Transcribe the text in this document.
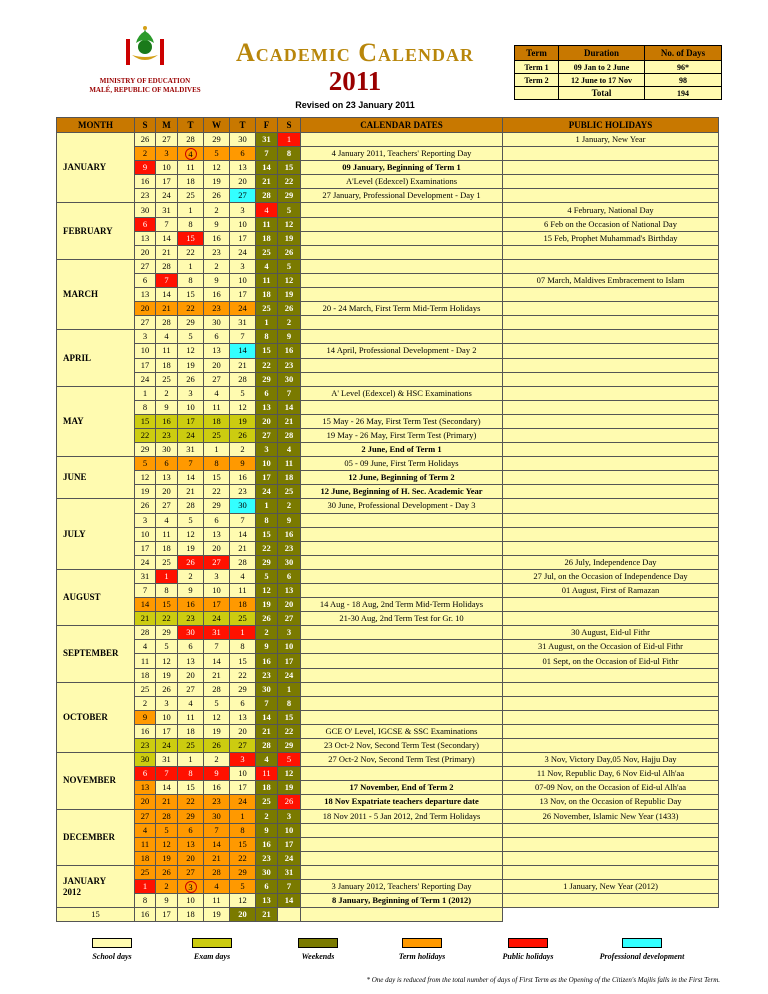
MINISTRY OF EDUCATION
MALÉ, REPUBLIC OF MALDIVES
Academic Calendar
2011
Revised on 23 January 2011
Term	Duration	No. of Days
Term 1	09 Jan to 2 June	96*
Term 2	12 June to 17 Nov	98
	Total	194
MONTH	S	M	T	W	T	F	S	CALENDAR DATES	PUBLIC HOLIDAYS
JANUARY	26	27	28	29	30	31	1		1 January, New Year
	2	3	4	5	6	7	8	4 January 2011, Teachers' Reporting Day	
	9	10	11	12	13	14	15	09 January, Beginning of Term 1	
	16	17	18	19	20	21	22	A'Level (Edexcel) Examinations	
	23	24	25	26	27	28	29	27 January, Professional Development - Day 1	
FEBRUARY	30	31	1	2	3	4	5		4 February, National Day
	6	7	8	9	10	11	12		6 Feb on the Occasion of National Day
	13	14	15	16	17	18	19		15 Feb, Prophet Muhammad's Birthday
	20	21	22	23	24	25	26		
MARCH	27	28	1	2	3	4	5		
	6	7	8	9	10	11	12		07 March, Maldives Embracement to Islam
	13	14	15	16	17	18	19		
	20	21	22	23	24	25	26	20 - 24 March, First Term Mid-Term Holidays	
	27	28	29	30	31	1	2		
APRIL	3	4	5	6	7	8	9		
	10	11	12	13	14	15	16	14 April, Professional Development - Day 2	
	17	18	19	20	21	22	23		
	24	25	26	27	28	29	30		
MAY	1	2	3	4	5	6	7	A' Level (Edexcel) & HSC Examinations	
	8	9	10	11	12	13	14		
	15	16	17	18	19	20	21	15 May - 26 May, First Term Test (Secondary)	
	22	23	24	25	26	27	28	19 May - 26 May, First Term Test (Primary)	
	29	30	31	1	2	3	4	2 June, End of Term 1	
JUNE	5	6	7	8	9	10	11	05 - 09 June, First Term Holidays	
	12	13	14	15	16	17	18	12 June, Beginning of Term 2	
	19	20	21	22	23	24	25	12 June, Beginning of H. Sec. Academic Year	
JULY	26	27	28	29	30	1	2	30 June, Professional Development - Day 3	
	3	4	5	6	7	8	9		
	10	11	12	13	14	15	16		
	17	18	19	20	21	22	23		
	24	25	26	27	28	29	30		26 July, Independence Day
AUGUST	31	1	2	3	4	5	6		27 Jul, on the Occasion of Independence Day
	7	8	9	10	11	12	13		01 August, First of Ramazan
	14	15	16	17	18	19	20	14 Aug - 18 Aug, 2nd Term Mid-Term Holidays	
	21	22	23	24	25	26	27	21-30 Aug, 2nd Term Test for Gr. 10	
SEPTEMBER	28	29	30	31	1	2	3		30 August, Eid-ul Fithr
	4	5	6	7	8	9	10		31 August, on the Occasion of Eid-ul Fithr
	11	12	13	14	15	16	17		01 Sept, on the Occasion of Eid-ul Fithr
	18	19	20	21	22	23	24		
OCTOBER	25	26	27	28	29	30	1		
	2	3	4	5	6	7	8		
	9	10	11	12	13	14	15		
	16	17	18	19	20	21	22	GCE O' Level, IGCSE & SSC Examinations	
	23	24	25	26	27	28	29	23 Oct-2 Nov, Second Term Test (Secondary)	
NOVEMBER	30	31	1	2	3	4	5	27 Oct-2 Nov, Second Term Test (Primary)	3 Nov, Victory Day,05 Nov, Hajju Day
	6	7	8	9	10	11	12		11 Nov, Republic Day, 6 Nov Eid-ul Alh'aa
	13	14	15	16	17	18	19	17 November, End of Term 2	07-09 Nov, on the Occasion of Eid-ul Alh'aa
	20	21	22	23	24	25	26	18 Nov Expatriate teachers departure date	13 Nov, on the Occasion of Republic Day
DECEMBER	27	28	29	30	1	2	3	18 Nov 2011 - 5 Jan 2012, 2nd Term Holidays	26 November, Islamic New Year (1433)
	4	5	6	7	8	9	10		
	11	12	13	14	15	16	17		
	18	19	20	21	22	23	24		
JANUARY
2012	25	26	27	28	29	30	31		
	1	2	3	4	5	6	7	3 January 2012, Teachers' Reporting Day	1 January, New Year (2012)
	8	9	10	11	12	13	14	8 January, Beginning of Term 1 (2012)	
15	16	17	18	19	20	21			
School days	Exam days	Weekends	Term holidays	Public holidays	Professional development
* One day is reduced from the total number of days of First Term as the Opening of the Citizen's Majlis falls in the First Term.
